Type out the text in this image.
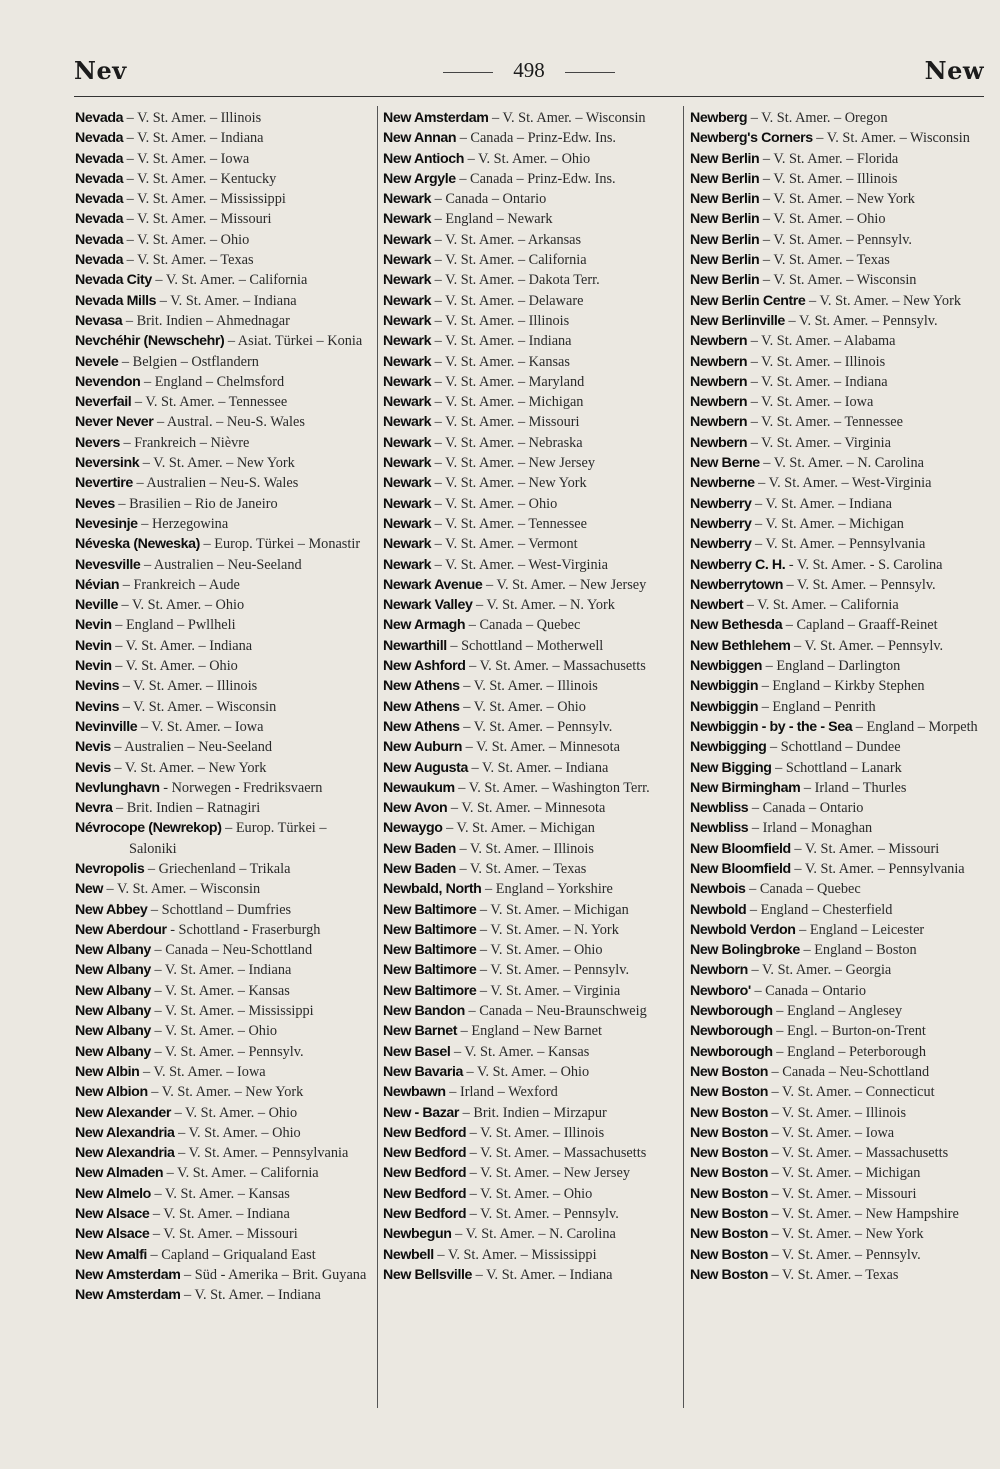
Nev	498	New

Nevada – V. St. Amer. – Illinois

Nevada – V. St. Amer. – Indiana

Nevada – V. St. Amer. – Iowa

Nevada – V. St. Amer. – Kentucky

Nevada – V. St. Amer. – Mississippi

Nevada – V. St. Amer. – Missouri

Nevada – V. St. Amer. – Ohio

Nevada – V. St. Amer. – Texas

Nevada City – V. St. Amer. – California

Nevada Mills – V. St. Amer. – Indiana

Nevasa – Brit. Indien – Ahmednagar

Nevchéhir (Newschehr) – Asiat. Türkei – Konia

Nevele – Belgien – Ostflandern

Nevendon – England – Chelmsford

Neverfail – V. St. Amer. – Tennessee

Never Never – Austral. – Neu-S. Wales

Nevers – Frankreich – Nièvre

Neversink – V. St. Amer. – New York

Nevertire – Australien – Neu-S. Wales

Neves – Brasilien – Rio de Janeiro

Nevesinje – Herzegowina

Néveska (Neweska) – Europ. Türkei – Monastir

Nevesville – Australien – Neu-Seeland

Névian – Frankreich – Aude

Neville – V. St. Amer. – Ohio

Nevin – England – Pwllheli

Nevin – V. St. Amer. – Indiana

Nevin – V. St. Amer. – Ohio

Nevins – V. St. Amer. – Illinois

Nevins – V. St. Amer. – Wisconsin

Nevinville – V. St. Amer. – Iowa

Nevis – Australien – Neu-Seeland

Nevis – V. St. Amer. – New York

Nevlunghavn - Norwegen - Fredriksvaern

Nevra – Brit. Indien – Ratnagiri

Névrocope (Newrekop) – Europ. Türkei – Saloniki

Nevropolis – Griechenland – Trikala

New – V. St. Amer. – Wisconsin

New Abbey – Schottland – Dumfries

New Aberdour - Schottland - Fraserburgh

New Albany – Canada – Neu-Schottland

New Albany – V. St. Amer. – Indiana

New Albany – V. St. Amer. – Kansas

New Albany – V. St. Amer. – Mississippi

New Albany – V. St. Amer. – Ohio

New Albany – V. St. Amer. – Pennsylv.

New Albin – V. St. Amer. – Iowa

New Albion – V. St. Amer. – New York

New Alexander – V. St. Amer. – Ohio

New Alexandria – V. St. Amer. – Ohio

New Alexandria – V. St. Amer. – Pennsylvania

New Almaden – V. St. Amer. – California

New Almelo – V. St. Amer. – Kansas

New Alsace – V. St. Amer. – Indiana

New Alsace – V. St. Amer. – Missouri

New Amalfi – Capland – Griqualand East

New Amsterdam – Süd - Amerika – Brit. Guyana

New Amsterdam – V. St. Amer. – Indiana

New Amsterdam – V. St. Amer. – Wisconsin

New Annan – Canada – Prinz-Edw. Ins.

New Antioch – V. St. Amer. – Ohio

New Argyle – Canada – Prinz-Edw. Ins.

Newark – Canada – Ontario

Newark – England – Newark

Newark – V. St. Amer. – Arkansas

Newark – V. St. Amer. – California

Newark – V. St. Amer. – Dakota Terr.

Newark – V. St. Amer. – Delaware

Newark – V. St. Amer. – Illinois

Newark – V. St. Amer. – Indiana

Newark – V. St. Amer. – Kansas

Newark – V. St. Amer. – Maryland

Newark – V. St. Amer. – Michigan

Newark – V. St. Amer. – Missouri

Newark – V. St. Amer. – Nebraska

Newark – V. St. Amer. – New Jersey

Newark – V. St. Amer. – New York

Newark – V. St. Amer. – Ohio

Newark – V. St. Amer. – Tennessee

Newark – V. St. Amer. – Vermont

Newark – V. St. Amer. – West-Virginia

Newark Avenue – V. St. Amer. – New Jersey

Newark Valley – V. St. Amer. – N. York

New Armagh – Canada – Quebec

Newarthill – Schottland – Motherwell

New Ashford – V. St. Amer. – Massachusetts

New Athens – V. St. Amer. – Illinois

New Athens – V. St. Amer. – Ohio

New Athens – V. St. Amer. – Pennsylv.

New Auburn – V. St. Amer. – Minnesota

New Augusta – V. St. Amer. – Indiana

Newaukum – V. St. Amer. – Washington Terr.

New Avon – V. St. Amer. – Minnesota

Newaygo – V. St. Amer. – Michigan

New Baden – V. St. Amer. – Illinois

New Baden – V. St. Amer. – Texas

Newbald, North – England – Yorkshire

New Baltimore – V. St. Amer. – Michigan

New Baltimore – V. St. Amer. – N. York

New Baltimore – V. St. Amer. – Ohio

New Baltimore – V. St. Amer. – Pennsylv.

New Baltimore – V. St. Amer. – Virginia

New Bandon – Canada – Neu-Braunschweig

New Barnet – England – New Barnet

New Basel – V. St. Amer. – Kansas

New Bavaria – V. St. Amer. – Ohio

Newbawn – Irland – Wexford

New - Bazar – Brit. Indien – Mirzapur

New Bedford – V. St. Amer. – Illinois

New Bedford – V. St. Amer. – Massachusetts

New Bedford – V. St. Amer. – New Jersey

New Bedford – V. St. Amer. – Ohio

New Bedford – V. St. Amer. – Pennsylv.

Newbegun – V. St. Amer. – N. Carolina

Newbell – V. St. Amer. – Mississippi

New Bellsville – V. St. Amer. – Indiana

Newberg – V. St. Amer. – Oregon

Newberg's Corners – V. St. Amer. – Wisconsin

New Berlin – V. St. Amer. – Florida

New Berlin – V. St. Amer. – Illinois

New Berlin – V. St. Amer. – New York

New Berlin – V. St. Amer. – Ohio

New Berlin – V. St. Amer. – Pennsylv.

New Berlin – V. St. Amer. – Texas

New Berlin – V. St. Amer. – Wisconsin

New Berlin Centre – V. St. Amer. – New York

New Berlinville – V. St. Amer. – Pennsylv.

Newbern – V. St. Amer. – Alabama

Newbern – V. St. Amer. – Illinois

Newbern – V. St. Amer. – Indiana

Newbern – V. St. Amer. – Iowa

Newbern – V. St. Amer. – Tennessee

Newbern – V. St. Amer. – Virginia

New Berne – V. St. Amer. – N. Carolina

Newberne – V. St. Amer. – West-Virginia

Newberry – V. St. Amer. – Indiana

Newberry – V. St. Amer. – Michigan

Newberry – V. St. Amer. – Pennsylvania

Newberry C. H. - V. St. Amer. - S. Carolina

Newberrytown – V. St. Amer. – Pennsylv.

Newbert – V. St. Amer. – California

New Bethesda – Capland – Graaff-Reinet

New Bethlehem – V. St. Amer. – Pennsylv.

Newbiggen – England – Darlington

Newbiggin – England – Kirkby Stephen

Newbiggin – England – Penrith

Newbiggin - by - the - Sea – England – Morpeth

Newbigging – Schottland – Dundee

New Bigging – Schottland – Lanark

New Birmingham – Irland – Thurles

Newbliss – Canada – Ontario

Newbliss – Irland – Monaghan

New Bloomfield – V. St. Amer. – Missouri

New Bloomfield – V. St. Amer. – Pennsylvania

Newbois – Canada – Quebec

Newbold – England – Chesterfield

Newbold Verdon – England – Leicester

New Bolingbroke – England – Boston

Newborn – V. St. Amer. – Georgia

Newboro' – Canada – Ontario

Newborough – England – Anglesey

Newborough – Engl. – Burton-on-Trent

Newborough – England – Peterborough

New Boston – Canada – Neu-Schottland

New Boston – V. St. Amer. – Connecticut

New Boston – V. St. Amer. – Illinois

New Boston – V. St. Amer. – Iowa

New Boston – V. St. Amer. – Massachusetts

New Boston – V. St. Amer. – Michigan

New Boston – V. St. Amer. – Missouri

New Boston – V. St. Amer. – New Hampshire

New Boston – V. St. Amer. – New York

New Boston – V. St. Amer. – Pennsylv.

New Boston – V. St. Amer. – Texas
